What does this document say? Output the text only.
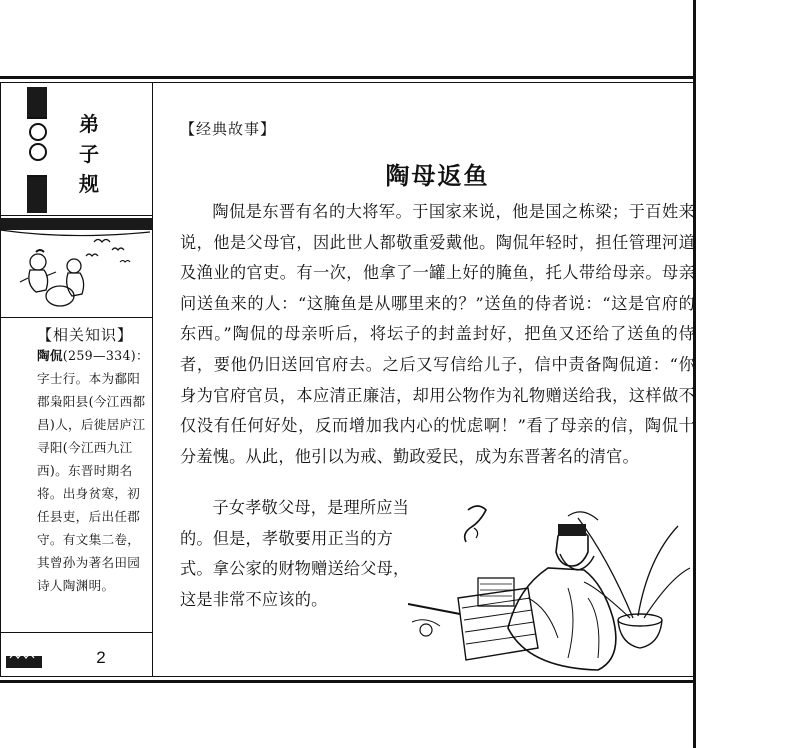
弟
子
规
【相关知识】
陶侃(259—334)：字士行。本为鄱阳郡枭阳县(今江西都昌)人，后徙居庐江寻阳(今江西九江西)。东晋时期名将。出身贫寒，初任县吏，后出任郡守。有文集二卷，其曾孙为著名田园诗人陶渊明。
2
【经典故事】
陶母返鱼

陶侃是东晋有名的大将军。于国家来说，他是国之栋梁；于百姓来说，他是父母官，因此世人都敬重爱戴他。陶侃年轻时，担任管理河道及渔业的官吏。有一次，他拿了一罐上好的腌鱼，托人带给母亲。母亲问送鱼来的人：“这腌鱼是从哪里来的？”送鱼的侍者说：“这是官府的东西。”陶侃的母亲听后，将坛子的封盖封好，把鱼又还给了送鱼的侍者，要他仍旧送回官府去。之后又写信给儿子，信中责备陶侃道：“你身为官府官员，本应清正廉洁，却用公物作为礼物赠送给我，这样做不仅没有任何好处，反而增加我内心的忧虑啊！”看了母亲的信，陶侃十分羞愧。从此，他引以为戒、勤政爱民，成为东晋著名的清官。

子女孝敬父母，是理所应当的。但是，孝敬要用正当的方式。拿公家的财物赠送给父母，这是非常不应该的。
